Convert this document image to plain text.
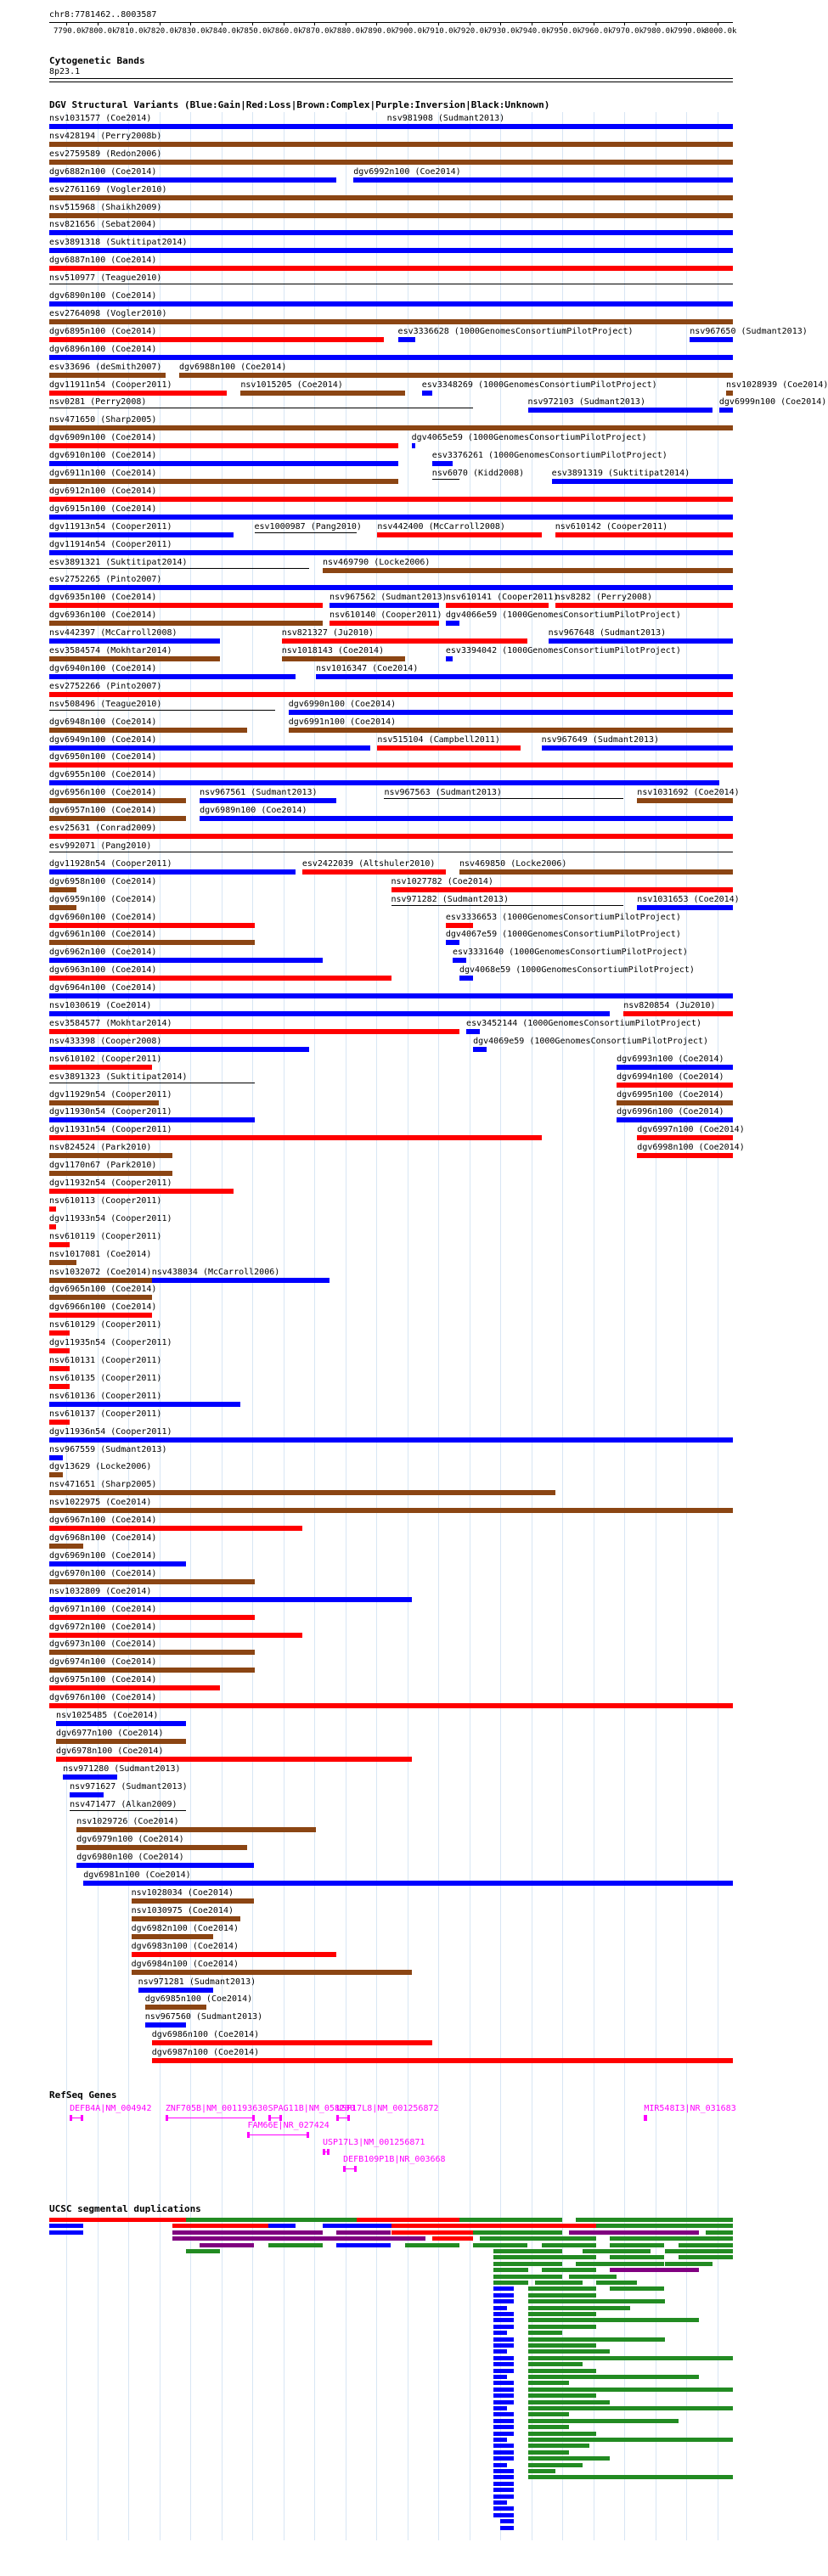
chr8:7781462..8003587
7790.0k
7800.0k
7810.0k
7820.0k
7830.0k
7840.0k
7850.0k
7860.0k
7870.0k
7880.0k
7890.0k
7900.0k
7910.0k
7920.0k
7930.0k
7940.0k
7950.0k
7960.0k
7970.0k
7980.0k
7990.0k
8000.0k
Cytogenetic Bands
8p23.1
DGV Structural Variants (Blue:Gain|Red:Loss|Brown:Complex|Purple:Inversion|Black:Unknown)
nsv1031577 (Coe2014)	nsv981908 (Sudmant2013)
nsv428194 (Perry2008b)
esv2759589 (Redon2006)
dgv6882n100 (Coe2014)	dgv6992n100 (Coe2014)
esv2761169 (Vogler2010)
nsv515968 (Shaikh2009)
nsv821656 (Sebat2004)
esv3891318 (Suktitipat2014)
dgv6887n100 (Coe2014)
nsv510977 (Teague2010)
dgv6890n100 (Coe2014)
esv2764098 (Vogler2010)
dgv6895n100 (Coe2014)	esv3336628 (1000GenomesConsortiumPilotProject)	nsv967650 (Sudmant2013)
dgv6896n100 (Coe2014)
esv33696 (deSmith2007) dgv6988n100 (Coe2014)
dgv11911n54 (Cooper2011)	nsv1015205 (Coe2014)	esv3348269 (1000GenomesConsortiumPilotProject)	nsv1028939 (Coe2014)
nsv0281 (Perry2008)	nsv972103 (Sudmant2013)	dgv6999n100 (Coe2014)
nsv471650 (Sharp2005)
dgv6909n100 (Coe2014)	dgv4065e59 (1000GenomesConsortiumPilotProject)
dgv6910n100 (Coe2014)	esv3376261 (1000GenomesConsortiumPilotProject)
dgv6911n100 (Coe2014)	nsv6070 (Kidd2008)	esv3891319 (Suktitipat2014)
dgv6912n100 (Coe2014)
dgv6915n100 (Coe2014)
dgv11913n54 (Cooper2011)	esv1000987 (Pang2010) nsv442400 (McCarroll2008)	nsv610142 (Cooper2011)
dgv11914n54 (Cooper2011)
esv3891321 (Suktitipat2014)	nsv469790 (Locke2006)
esv2752265 (Pinto2007)
dgv6935n100 (Coe2014)	nsv967562 (Sudmant2013)
nsv610141 (Cooper2011)
nsv8282 (Perry2008)
dgv6936n100 (Coe2014)	nsv610140 (Cooper2011) dgv4066e59 (1000GenomesConsortiumPilotProject)
nsv442397 (McCarroll2008)	nsv821327 (Ju2010)	nsv967648 (Sudmant2013)
esv3584574 (Mokhtar2014)	nsv1018143 (Coe2014)	esv3394042 (1000GenomesConsortiumPilotProject)
dgv6940n100 (Coe2014)	nsv1016347 (Coe2014)
esv2752266 (Pinto2007)
nsv508496 (Teague2010)	dgv6990n100 (Coe2014)
dgv6948n100 (Coe2014)	dgv6991n100 (Coe2014)
dgv6949n100 (Coe2014)	nsv515104 (Campbell2011)	nsv967649 (Sudmant2013)
dgv6950n100 (Coe2014)
dgv6955n100 (Coe2014)
dgv6956n100 (Coe2014)	nsv967561 (Sudmant2013)	nsv967563 (Sudmant2013)	nsv1031692 (Coe2014)
dgv6957n100 (Coe2014)	dgv6989n100 (Coe2014)
esv25631 (Conrad2009)
esv992071 (Pang2010)
dgv11928n54 (Cooper2011)	esv2422039 (Altshuler2010)	nsv469850 (Locke2006)
dgv6958n100 (Coe2014)	nsv1027782 (Coe2014)
dgv6959n100 (Coe2014)	nsv971282 (Sudmant2013)	nsv1031653 (Coe2014)
dgv6960n100 (Coe2014)	esv3336653 (1000GenomesConsortiumPilotProject)
dgv6961n100 (Coe2014)	dgv4067e59 (1000GenomesConsortiumPilotProject)
dgv6962n100 (Coe2014)	esv3331640 (1000GenomesConsortiumPilotProject)
dgv6963n100 (Coe2014)	dgv4068e59 (1000GenomesConsortiumPilotProject)
dgv6964n100 (Coe2014)
nsv1030619 (Coe2014)	nsv820854 (Ju2010)
esv3584577 (Mokhtar2014)	esv3452144 (1000GenomesConsortiumPilotProject)
nsv433398 (Cooper2008)	dgv4069e59 (1000GenomesConsortiumPilotProject)
nsv610102 (Cooper2011)	dgv6993n100 (Coe2014)
esv3891323 (Suktitipat2014)	dgv6994n100 (Coe2014)
dgv11929n54 (Cooper2011)	dgv6995n100 (Coe2014)
dgv11930n54 (Cooper2011)	dgv6996n100 (Coe2014)
dgv11931n54 (Cooper2011)	dgv6997n100 (Coe2014)
nsv824524 (Park2010)	dgv6998n100 (Coe2014)
dgv1170n67 (Park2010)
dgv11932n54 (Cooper2011)
nsv610113 (Cooper2011)
dgv11933n54 (Cooper2011)
nsv610119 (Cooper2011)
nsv1017081 (Coe2014)
nsv1032072 (Coe2014) nsv438034 (McCarroll2006)
dgv6965n100 (Coe2014)
dgv6966n100 (Coe2014)
nsv610129 (Cooper2011)
dgv11935n54 (Cooper2011)
nsv610131 (Cooper2011)
nsv610135 (Cooper2011)
nsv610136 (Cooper2011)
nsv610137 (Cooper2011)
dgv11936n54 (Cooper2011)
nsv967559 (Sudmant2013)
dgv13629 (Locke2006)
nsv471651 (Sharp2005)
nsv1022975 (Coe2014)
dgv6967n100 (Coe2014)
dgv6968n100 (Coe2014)
dgv6969n100 (Coe2014)
dgv6970n100 (Coe2014)
nsv1032809 (Coe2014)
dgv6971n100 (Coe2014)
dgv6972n100 (Coe2014)
dgv6973n100 (Coe2014)
dgv6974n100 (Coe2014)
dgv6975n100 (Coe2014)
dgv6976n100 (Coe2014)
nsv1025485 (Coe2014)
dgv6977n100 (Coe2014)
dgv6978n100 (Coe2014)
nsv971280 (Sudmant2013)
nsv971627 (Sudmant2013)
nsv471477 (Alkan2009)
nsv1029726 (Coe2014)
dgv6979n100 (Coe2014)
dgv6980n100 (Coe2014)
dgv6981n100 (Coe2014)
nsv1028034 (Coe2014)
nsv1030975 (Coe2014)
dgv6982n100 (Coe2014)
dgv6983n100 (Coe2014)
dgv6984n100 (Coe2014)
nsv971281 (Sudmant2013)
dgv6985n100 (Coe2014)
nsv967560 (Sudmant2013)
dgv6986n100 (Coe2014)
dgv6987n100 (Coe2014)
RefSeq Genes
DEFB4A|NM_004942 ZNF705B|NM_001193630 SPAG11B|NM_058200
USP17L8|NM_001256872	MIR548I3|NR_031683
FAM66E|NR_027424
USP17L3|NM_001256871
DEFB109P1B|NR_003668
UCSC segmental duplications
